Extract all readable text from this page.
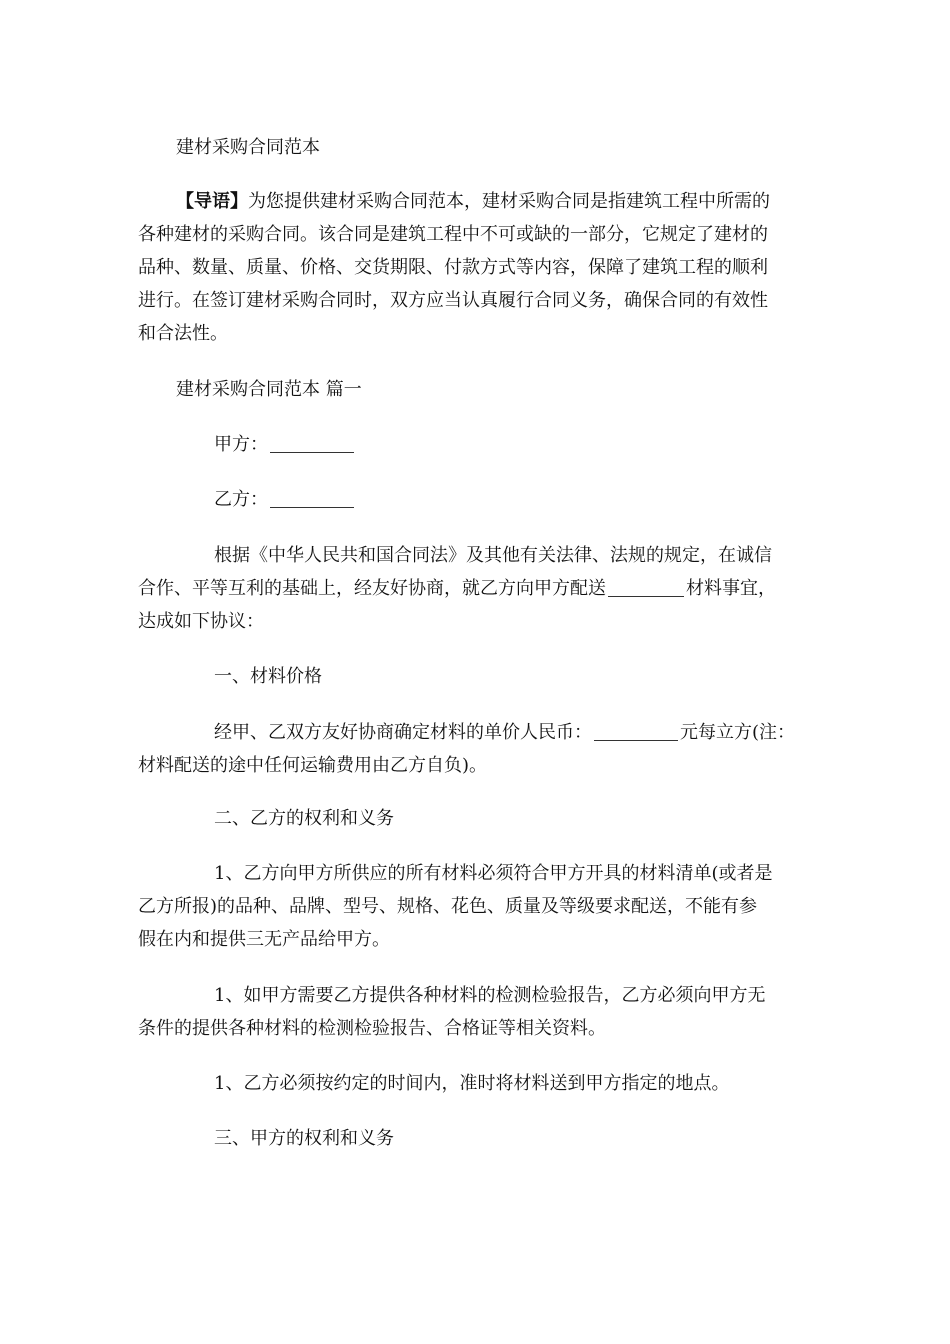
建材采购合同范本

【导语】为您提供建材采购合同范本，建材采购合同是指建筑工程中所需的
各种建材的采购合同。该合同是建筑工程中不可或缺的一部分，它规定了建材的
品种、数量、质量、价格、交货期限、付款方式等内容，保障了建筑工程的顺利
进行。在签订建材采购合同时，双方应当认真履行合同义务，确保合同的有效性
和合法性。

建材采购合同范本 篇一

甲方：

乙方：

根据《中华人民共和国合同法》及其他有关法律、法规的规定，在诚信
合作、平等互利的基础上，经友好协商，就乙方向甲方配送	材料事宜，
达成如下协议：

一、材料价格

经甲、乙双方友好协商确定材料的单价人民币：	元每立方(注：
材料配送的途中任何运输费用由乙方自负)。

二、乙方的权利和义务

1、乙方向甲方所供应的所有材料必须符合甲方开具的材料清单(或者是
乙方所报)的品种、品牌、型号、规格、花色、质量及等级要求配送，不能有参
假在内和提供三无产品给甲方。

1、如甲方需要乙方提供各种材料的检测检验报告，乙方必须向甲方无
条件的提供各种材料的检测检验报告、合格证等相关资料。

1、乙方必须按约定的时间内，准时将材料送到甲方指定的地点。

三、甲方的权利和义务
